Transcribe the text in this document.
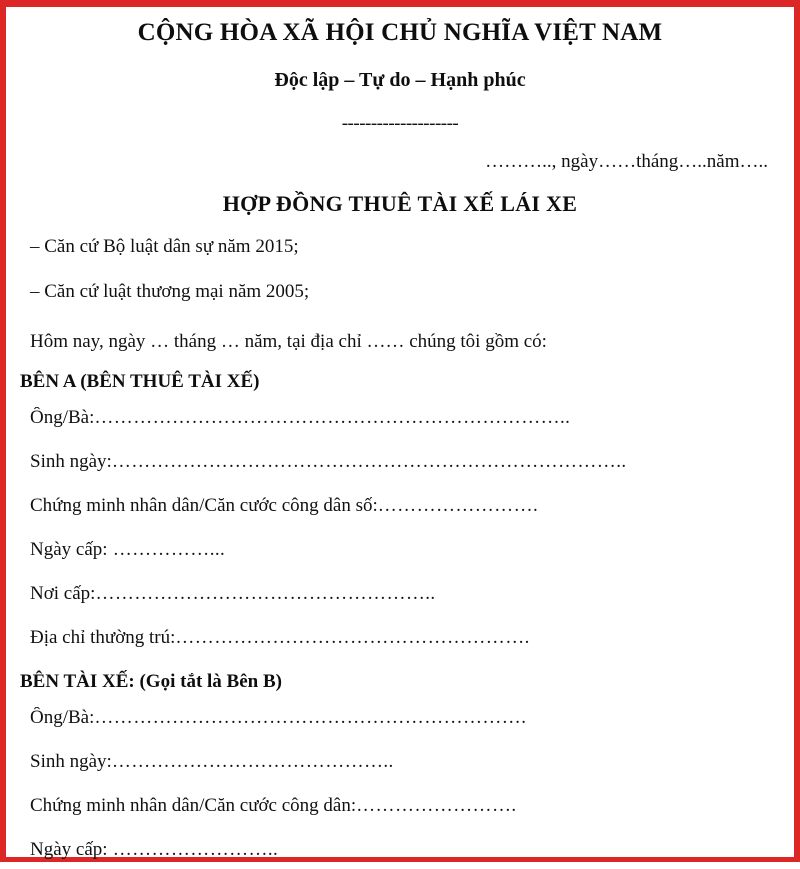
CỘNG HÒA XÃ HỘI CHỦ NGHĨA VIỆT NAM
Độc lập – Tự do – Hạnh phúc
--------------------
……….., ngày……tháng…..năm…..
HỢP ĐỒNG THUÊ TÀI XẾ LÁI XE
– Căn cứ Bộ luật dân sự năm 2015;
– Căn cứ luật thương mại năm 2005;
Hôm nay, ngày … tháng … năm, tại địa chỉ …… chúng tôi gồm có:
BÊN A (BÊN THUÊ TÀI XẾ)
Ông/Bà:………………………………………………………………..
Sinh ngày:……………………………………………………………………..
Chứng minh nhân dân/Căn cước công dân số:…………………….
Ngày cấp: ……………...
Nơi cấp:……………………………………………..
Địa chỉ thường trú:……………………………………………….
BÊN TÀI XẾ: (Gọi tắt là Bên B)
Ông/Bà:………………………………………………………….
Sinh ngày:……………………………………..
Chứng minh nhân dân/Căn cước công dân:…………………….
Ngày cấp: ……………………..
